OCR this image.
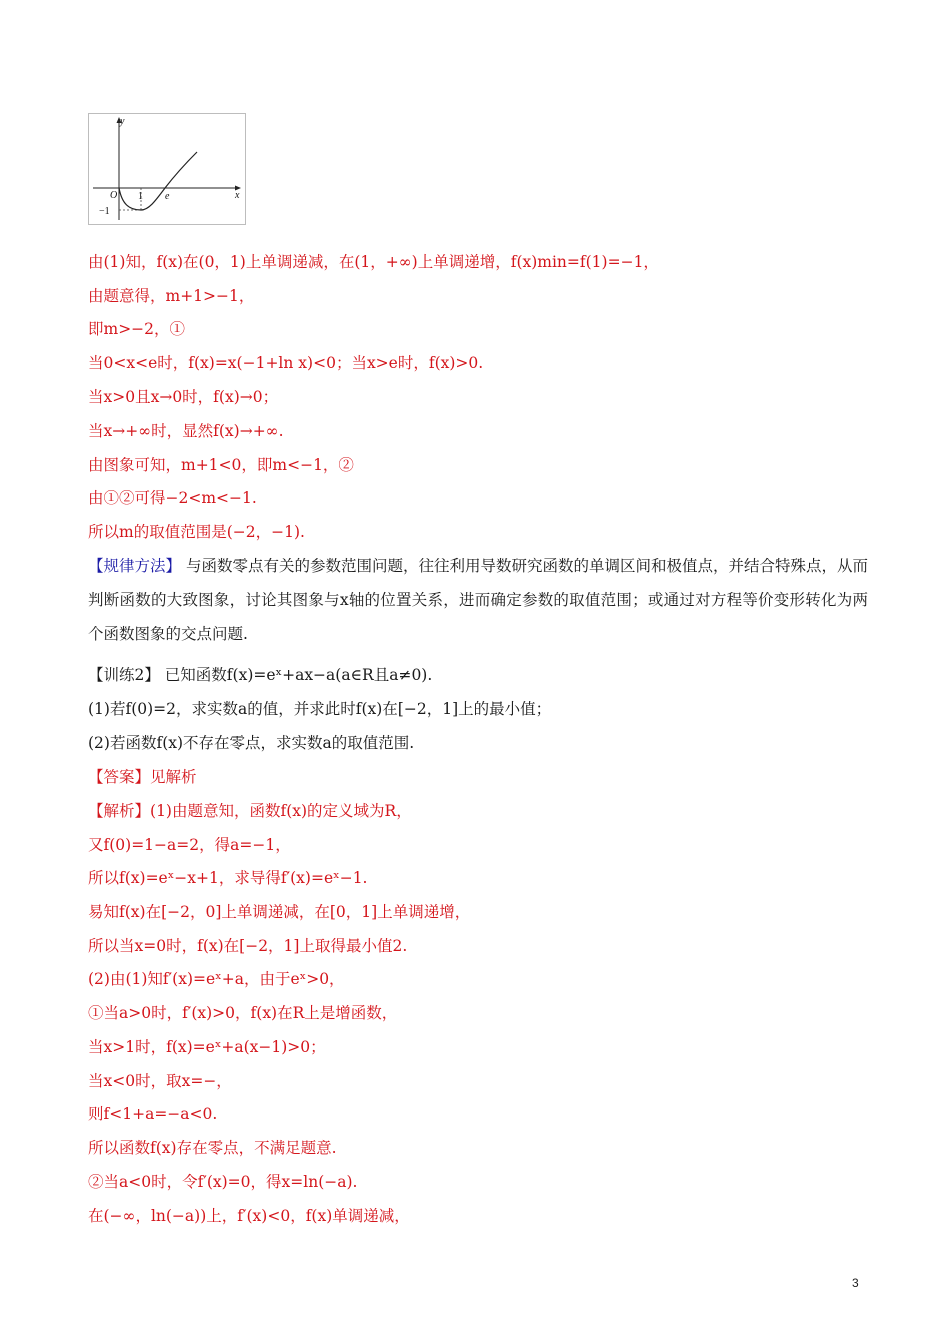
y
x
O 1 e
−1
由(1)知，f(x)在(0，1)上单调递减，在(1，+∞)上单调递增，f(x)min=f(1)=−1，
由题意得，m+1>−1，
即m>−2，①
当0<x<e时，f(x)=x(−1+ln x)<0；当x>e时，f(x)>0.
当x>0且x→0时，f(x)→0；
当x→+∞时，显然f(x)→+∞.
由图象可知，m+1<0，即m<−1，②
由①②可得−2<m<−1.
所以m的取值范围是(−2，−1).
【规律方法】 与函数零点有关的参数范围问题，往往利用导数研究函数的单调区间和极值点，并结合特殊点，从而判断函数的大致图象，讨论其图象与x轴的位置关系，进而确定参数的取值范围；或通过对方程等价变形转化为两个函数图象的交点问题.
【训练2】 已知函数f(x)=eˣ+ax−a(a∈R且a≠0).
(1)若f(0)=2，求实数a的值，并求此时f(x)在[−2，1]上的最小值；
(2)若函数f(x)不存在零点，求实数a的取值范围.
【答案】见解析
【解析】(1)由题意知，函数f(x)的定义域为R，
又f(0)=1−a=2，得a=−1，
所以f(x)=eˣ−x+1，求导得f′(x)=eˣ−1.
易知f(x)在[−2，0]上单调递减，在[0，1]上单调递增，
所以当x=0时，f(x)在[−2，1]上取得最小值2.
(2)由(1)知f′(x)=eˣ+a，由于eˣ>0，
①当a>0时，f′(x)>0，f(x)在R上是增函数，
当x>1时，f(x)=eˣ+a(x−1)>0；
当x<0时，取x=−，
则f<1+a=−a<0.
所以函数f(x)存在零点，不满足题意.
②当a<0时，令f′(x)=0，得x=ln(−a).
在(−∞，ln(−a))上，f′(x)<0，f(x)单调递减，
3
